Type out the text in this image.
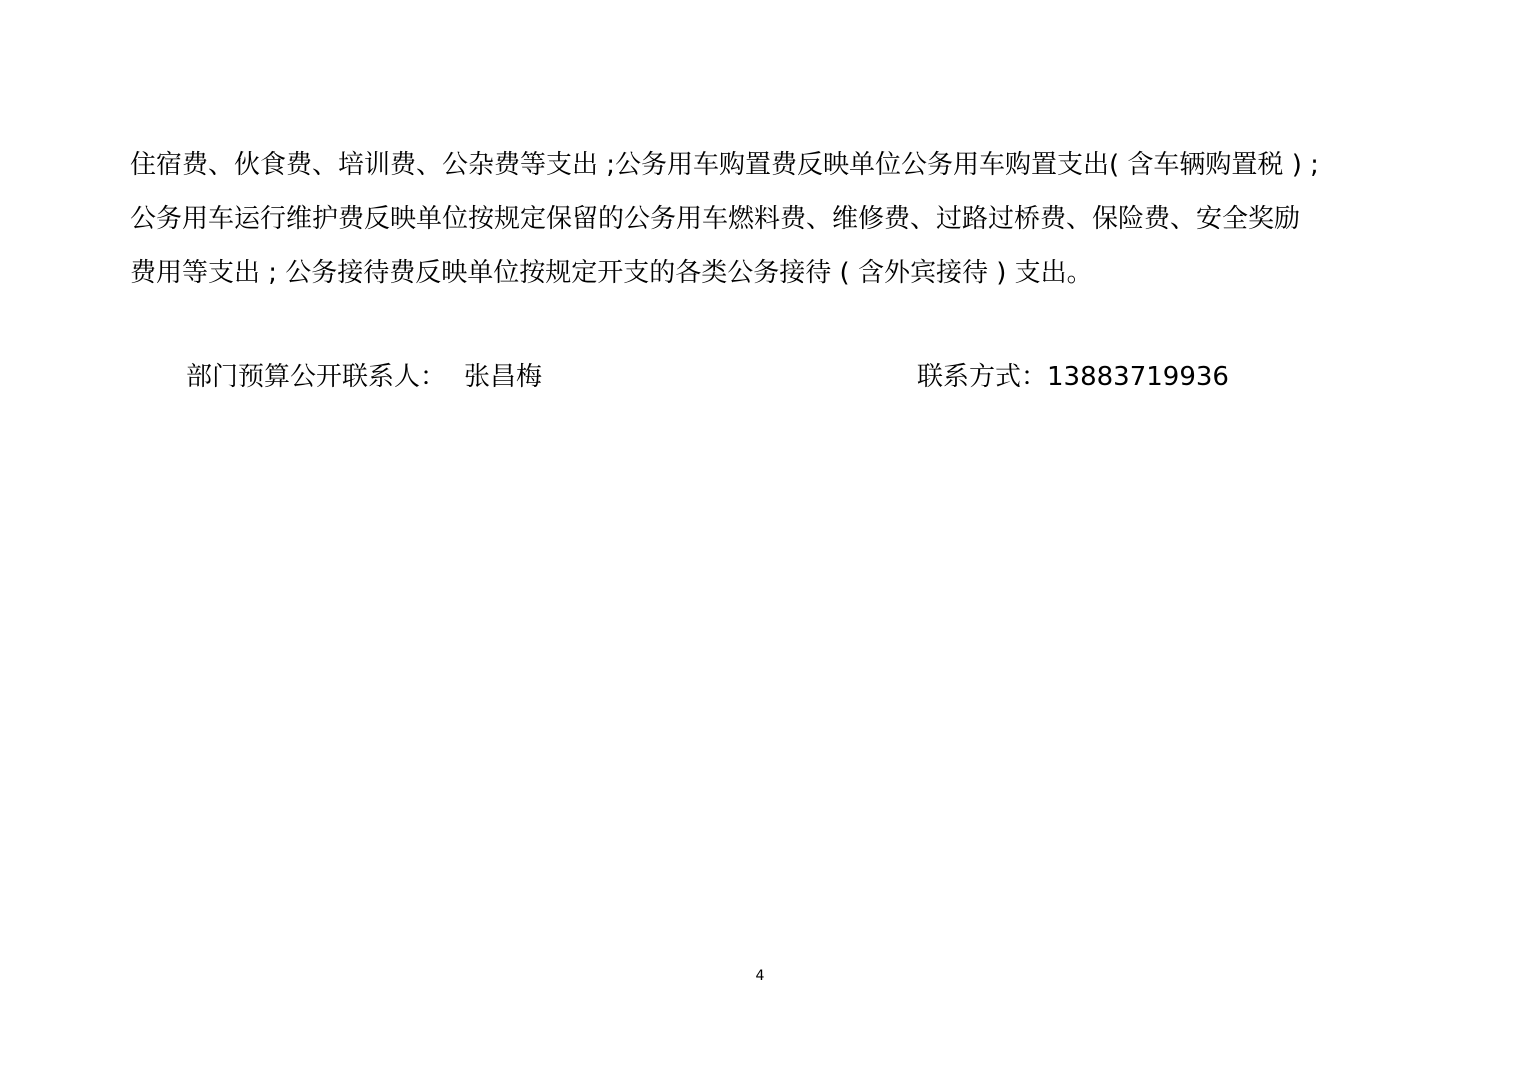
住宿费、伙食费、培训费、公杂费等支出 ;公务用车购置费反映单位公务用车购置支出( 含车辆购置税 ) ;
公务用车运行维护费反映单位按规定保留的公务用车燃料费、维修费、过路过桥费、保险费、安全奖励
费用等支出 ; 公务接待费反映单位按规定开支的各类公务接待 ( 含外宾接待 ) 支出。
部门预算公开联系人： 张昌梅	联系方式：13883719936
4
